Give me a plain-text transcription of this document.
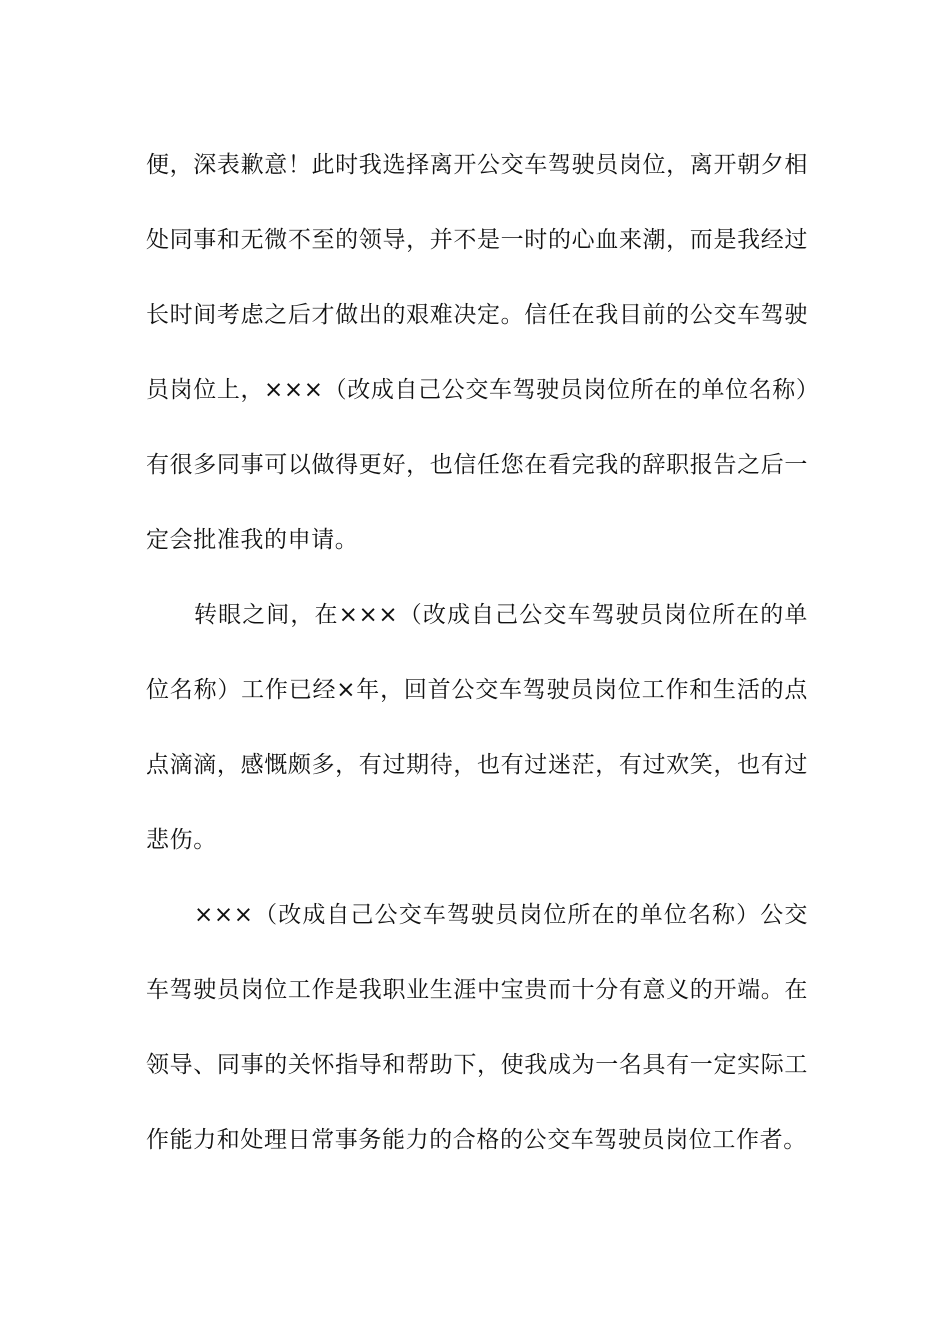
便，深表歉意！此时我选择离开公交车驾驶员岗位，离开朝夕相处同事和无微不至的领导，并不是一时的心血来潮，而是我经过长时间考虑之后才做出的艰难决定。信任在我目前的公交车驾驶员岗位上，×××（改成自己公交车驾驶员岗位所在的单位名称）有很多同事可以做得更好，也信任您在看完我的辞职报告之后一定会批准我的申请。

转眼之间，在×××（改成自己公交车驾驶员岗位所在的单位名称）工作已经×年，回首公交车驾驶员岗位工作和生活的点点滴滴，感慨颇多，有过期待，也有过迷茫，有过欢笑，也有过悲伤。

×××（改成自己公交车驾驶员岗位所在的单位名称）公交车驾驶员岗位工作是我职业生涯中宝贵而十分有意义的开端。在领导、同事的关怀指导和帮助下，使我成为一名具有一定实际工作能力和处理日常事务能力的合格的公交车驾驶员岗位工作者。
